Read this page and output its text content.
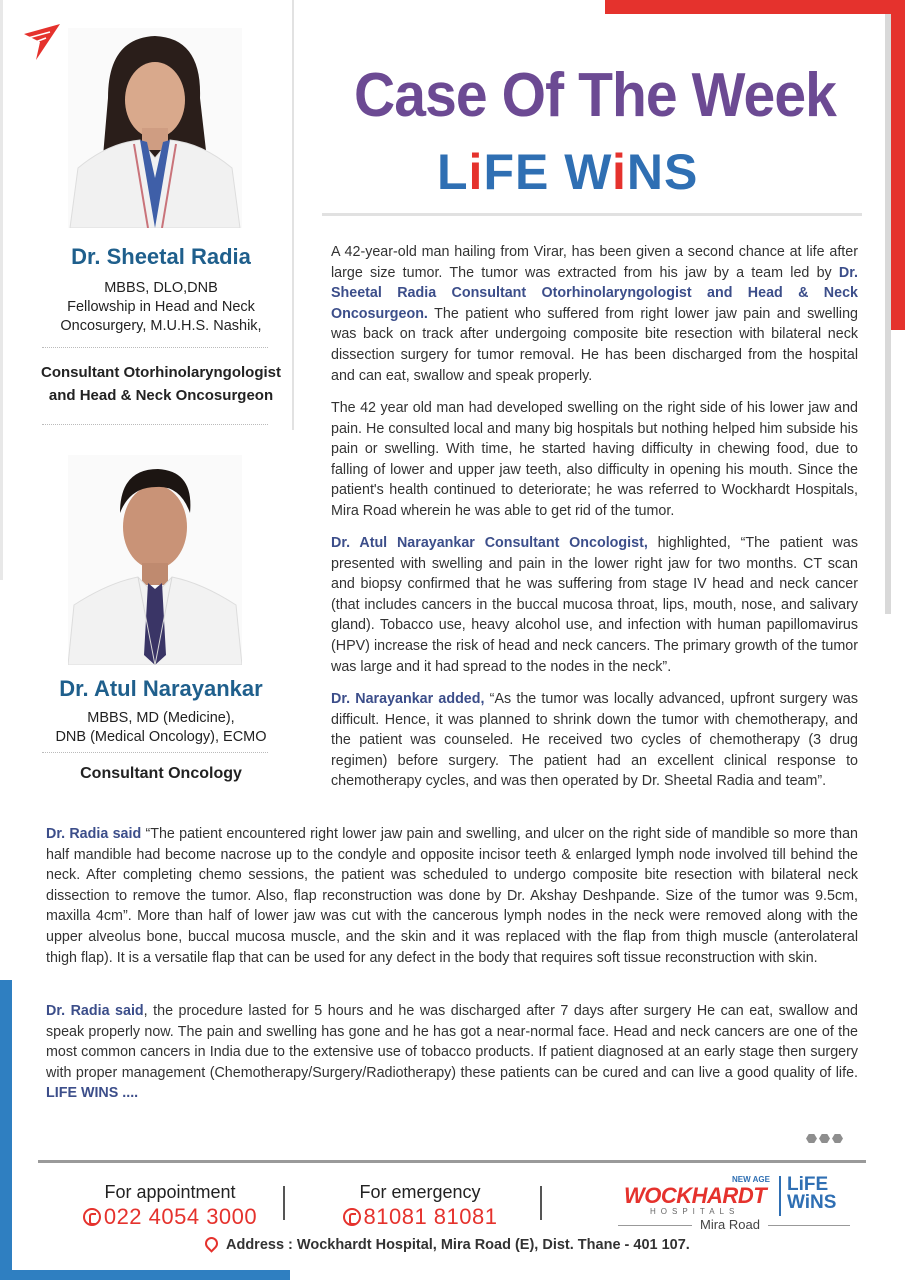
Dr. Sheetal Radia
MBBS, DLO,DNB
Fellowship in Head and Neck
Oncosurgery, M.U.H.S. Nashik,
Consultant Otorhinolaryngologist
and Head & Neck Oncosurgeon
Dr. Atul Narayankar
MBBS, MD (Medicine),
DNB (Medical Oncology), ECMO
Consultant Oncology
Case Of The Week
LiFE WiNS
A 42-year-old man hailing from Virar, has been given a second chance at life after large size tumor. The tumor was extracted from his jaw by a team led by Dr. Sheetal Radia Consultant Otorhinolaryngologist and Head & Neck Oncosurgeon. The patient who suffered from right lower jaw pain and swelling was back on track after undergoing composite bite resection with bilateral neck dissection surgery for tumor removal. He has been discharged from the hospital and can eat, swallow and speak properly.
The 42 year old man had developed swelling on the right side of his lower jaw and pain. He consulted local and many big hospitals but nothing helped him subside his pain or swelling. With time, he started having difficulty in chewing food, due to falling of lower and upper jaw teeth, also difficulty in opening his mouth. Since the patient's health continued to deteriorate; he was referred to Wockhardt Hospitals, Mira Road wherein he was able to get rid of the tumor.
Dr. Atul Narayankar Consultant Oncologist, highlighted, “The patient was presented with swelling and pain in the lower right jaw for two months. CT scan and biopsy confirmed that he was suffering from stage IV head and neck cancer (that includes cancers in the buccal mucosa throat, lips, mouth, nose, and salivary gland). Tobacco use, heavy alcohol use, and infection with human papillomavirus (HPV) increase the risk of head and neck cancers. The primary growth of the tumor was large and it had spread to the nodes in the neck”.
Dr. Narayankar added, “As the tumor was locally advanced, upfront surgery was difficult. Hence, it was planned to shrink down the tumor with chemotherapy, and the patient was counseled. He received two cycles of chemotherapy (3 drug regimen) before surgery. The patient had an excellent clinical response to chemotherapy cycles, and was then operated by Dr. Sheetal Radia and team”.
Dr. Radia said “The patient encountered right lower jaw pain and swelling, and ulcer on the right side of mandible so more than half mandible had become nacrose up to the condyle and opposite incisor teeth & enlarged lymph node involved till behind the neck. After completing chemo sessions, the patient was scheduled to undergo composite bite resection with bilateral neck dissection to remove the tumor. Also, flap reconstruction was done by Dr. Akshay Deshpande. Size of the tumor was 9.5cm, maxilla 4cm”. More than half of lower jaw was cut with the cancerous lymph nodes in the neck were removed along with the upper alveolus bone, buccal mucosa muscle, and the skin and it was replaced with the flap from thigh muscle (anterolateral thigh flap). It is a versatile flap that can be used for any defect in the body that requires soft tissue reconstruction with skin.
Dr. Radia said, the procedure lasted for 5 hours and he was discharged after 7 days after surgery He can eat, swallow and speak properly now. The pain and swelling has gone and he has got a near-normal face. Head and neck cancers are one of the most common cancers in India due to the extensive use of tobacco products. If patient diagnosed at an early stage then surgery with proper management (Chemotherapy/Surgery/Radiotherapy) these patients can be cured and can live a good quality of life. LIFE WINS ....
For appointment
022 4054 3000
For emergency
81081 81081
NEW AGE
WOCKHARDT
HOSPITALS
LiFE
WiNS
Mira Road
Address : Wockhardt Hospital, Mira Road (E), Dist. Thane - 401 107.
